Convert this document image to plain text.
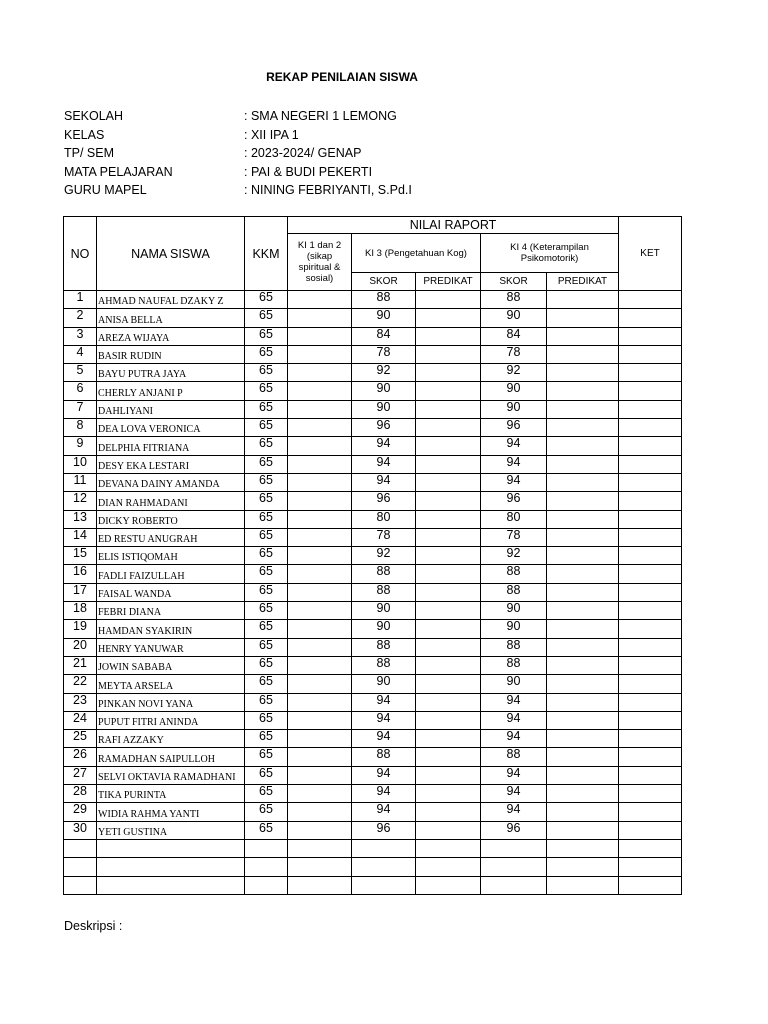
REKAP PENILAIAN SISWA
SEKOLAH	: SMA NEGERI 1 LEMONG
KELAS	: XII IPA 1
TP/ SEM	: 2023-2024/ GENAP
MATA PELAJARAN	: PAI & BUDI PEKERTI
GURU MAPEL	: NINING FEBRIYANTI, S.Pd.I
NO	NAMA SISWA	KKM	NILAI RAPORT					KET
			KI 1 dan 2 (sikap spiritual & sosial)	KI 3 (Pengetahuan Kog)		KI 4 (Keterampilan Psikomotorik)		
				SKOR	PREDIKAT	SKOR	PREDIKAT	
1	AHMAD NAUFAL DZAKY Z	65		88		88		
2	ANISA BELLA	65		90		90		
3	AREZA WIJAYA	65		84		84		
4	BASIR RUDIN	65		78		78		
5	BAYU PUTRA JAYA	65		92		92		
6	CHERLY ANJANI P	65		90		90		
7	DAHLIYANI	65		90		90		
8	DEA LOVA VERONICA	65		96		96		
9	DELPHIA FITRIANA	65		94		94		
10	DESY EKA LESTARI	65		94		94		
11	DEVANA DAINY AMANDA	65		94		94		
12	DIAN RAHMADANI	65		96		96		
13	DICKY ROBERTO	65		80		80		
14	ED RESTU ANUGRAH	65		78		78		
15	ELIS ISTIQOMAH	65		92		92		
16	FADLI FAIZULLAH	65		88		88		
17	FAISAL WANDA	65		88		88		
18	FEBRI DIANA	65		90		90		
19	HAMDAN SYAKIRIN	65		90		90		
20	HENRY YANUWAR	65		88		88		
21	JOWIN SABABA	65		88		88		
22	MEYTA ARSELA	65		90		90		
23	PINKAN NOVI YANA	65		94		94		
24	PUPUT FITRI ANINDA	65		94		94		
25	RAFI AZZAKY	65		94		94		
26	RAMADHAN SAIPULLOH	65		88		88		
27	SELVI OKTAVIA RAMADHANI	65		94		94		
28	TIKA PURINTA	65		94		94		
29	WIDIA RAHMA YANTI	65		94		94		
30	YETI GUSTINA	65		96		96		

Deskripsi :
